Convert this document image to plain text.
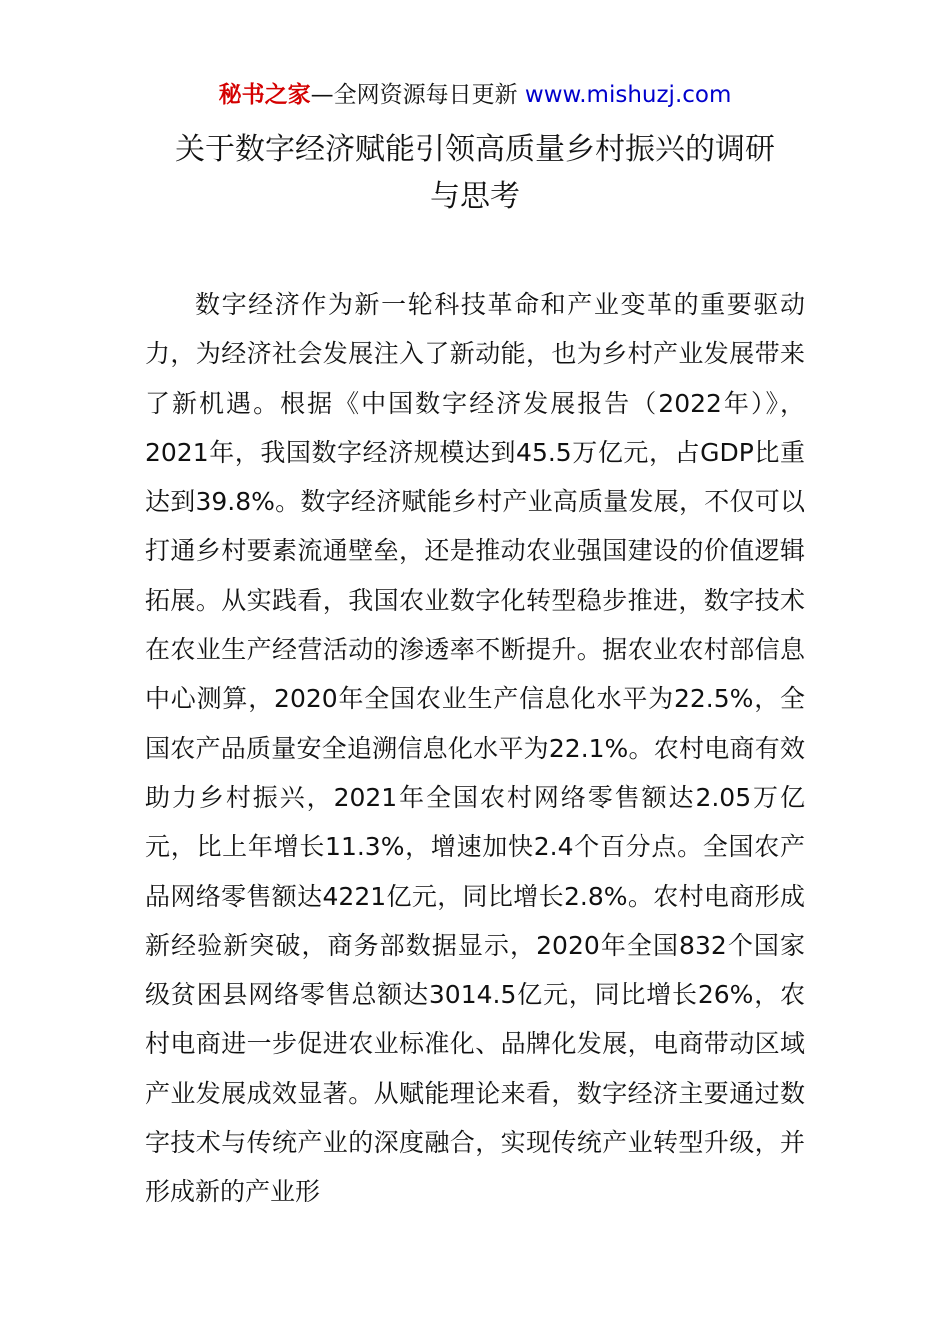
秘书之家—全网资源每日更新 www.mishuzj.com
关于数字经济赋能引领高质量乡村振兴的调研
与思考

数字经济作为新一轮科技革命和产业变革的重要驱动力，为经济社会发展注入了新动能，也为乡村产业发展带来了新机遇。根据《中国数字经济发展报告（2022年）》，2021年，我国数字经济规模达到45.5万亿元，占GDP比重达到39.8%。数字经济赋能乡村产业高质量发展，不仅可以打通乡村要素流通壁垒，还是推动农业强国建设的价值逻辑拓展。从实践看，我国农业数字化转型稳步推进，数字技术在农业生产经营活动的渗透率不断提升。据农业农村部信息中心测算，2020年全国农业生产信息化水平为22.5%，全国农产品质量安全追溯信息化水平为22.1%。农村电商有效助力乡村振兴，2021年全国农村网络零售额达2.05万亿元，比上年增长11.3%，增速加快2.4个百分点。全国农产品网络零售额达4221亿元，同比增长2.8%。农村电商形成新经验新突破，商务部数据显示，2020年全国832个国家级贫困县网络零售总额达3014.5亿元，同比增长26%，农村电商进一步促进农业标准化、品牌化发展，电商带动区域产业发展成效显著。从赋能理论来看，数字经济主要通过数字技术与传统产业的深度融合，实现传统产业转型升级，并形成新的产业形
